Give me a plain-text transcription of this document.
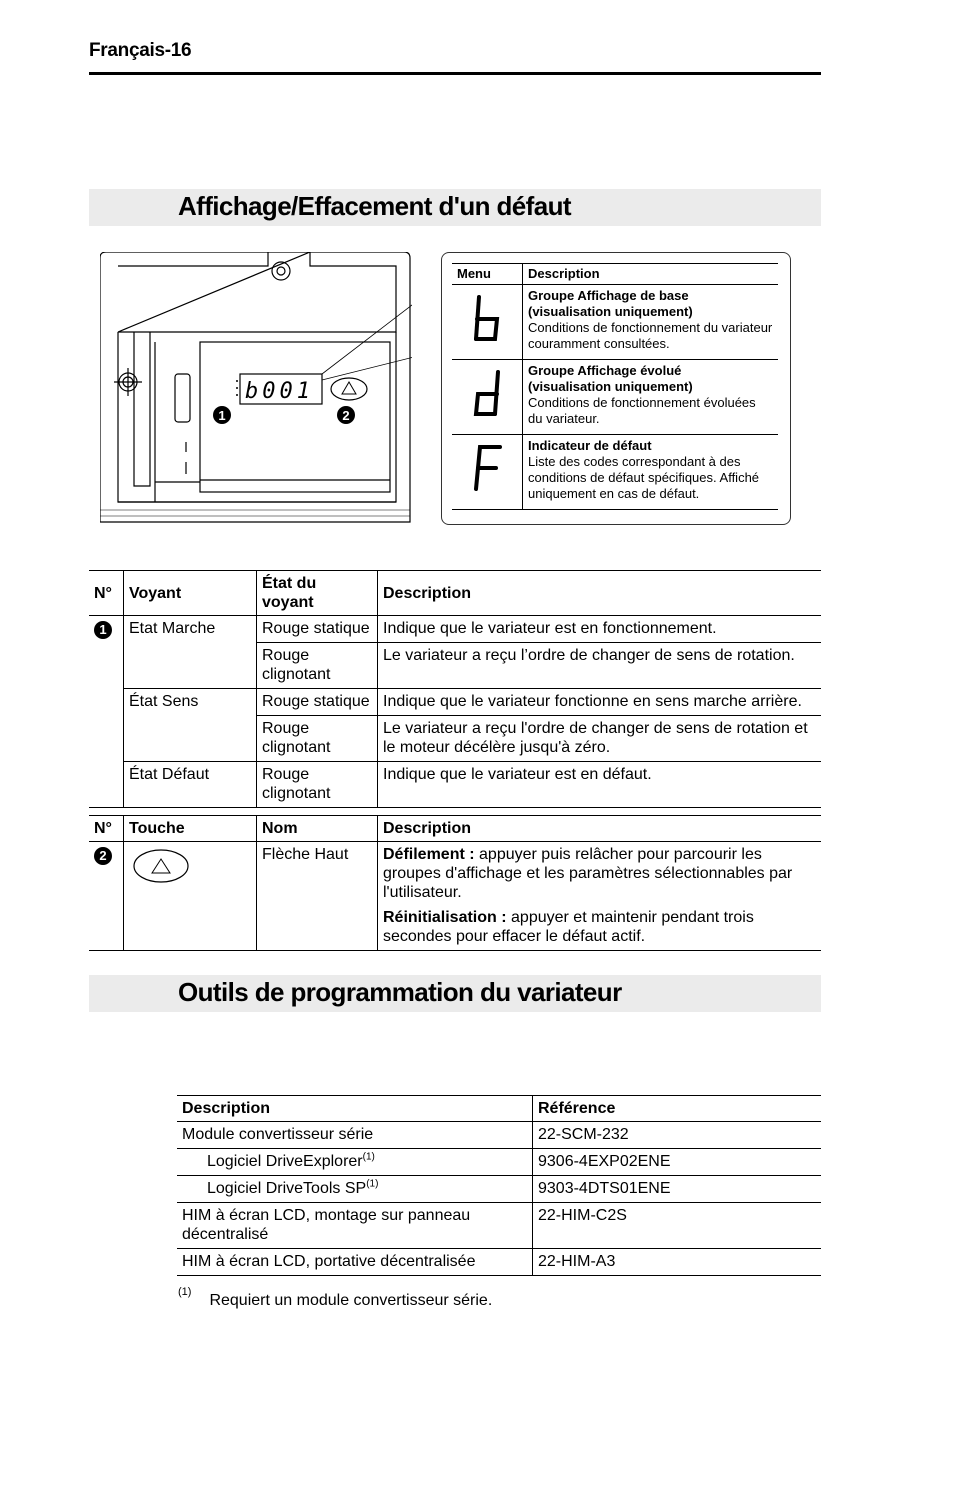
Français-16
Affichage/Effacement d'un défaut
b001
1	2
Menu	Description

Groupe Affichage de base
(visualisation uniquement)
Conditions de fonctionnement du variateur couramment consultées.

Groupe Affichage évolué
(visualisation uniquement)
Conditions de fonctionnement évoluées du variateur.

Indicateur de défaut
Liste des codes correspondant à des conditions de défaut spécifiques. Affiché uniquement en cas de défaut.
N°	Voyant	État du voyant	Description
1	Etat Marche	Rouge statique	Indique que le variateur est en fonctionnement.
		Rouge clignotant	Le variateur a reçu l’ordre de changer de sens de rotation.
	État Sens	Rouge statique	Indique que le variateur fonctionne en sens marche arrière.
		Rouge clignotant	Le variateur a reçu l'ordre de changer de sens de rotation et le moteur décélère jusqu'à zéro.
	État Défaut	Rouge clignotant	Indique que le variateur est en défaut.
N°	Touche	Nom	Description
2		Flèche Haut	Défilement : appuyer puis relâcher pour parcourir les groupes d'affichage et les paramètres sélectionnables par l'utilisateur.

Réinitialisation : appuyer et maintenir pendant trois secondes pour effacer le défaut actif.

Outils de programmation du variateur
Description	Référence
Module convertisseur série	22-SCM-232
Logiciel DriveExplorer$^{(1)}$	9306-4EXP02ENE
Logiciel DriveTools SP$^{(1)}$	9303-4DTS01ENE
HIM à écran LCD, montage sur panneau décentralisé	22-HIM-C2S
HIM à écran LCD, portative décentralisée	22-HIM-A3
$^{(1)}$Requiert un module convertisseur série.
